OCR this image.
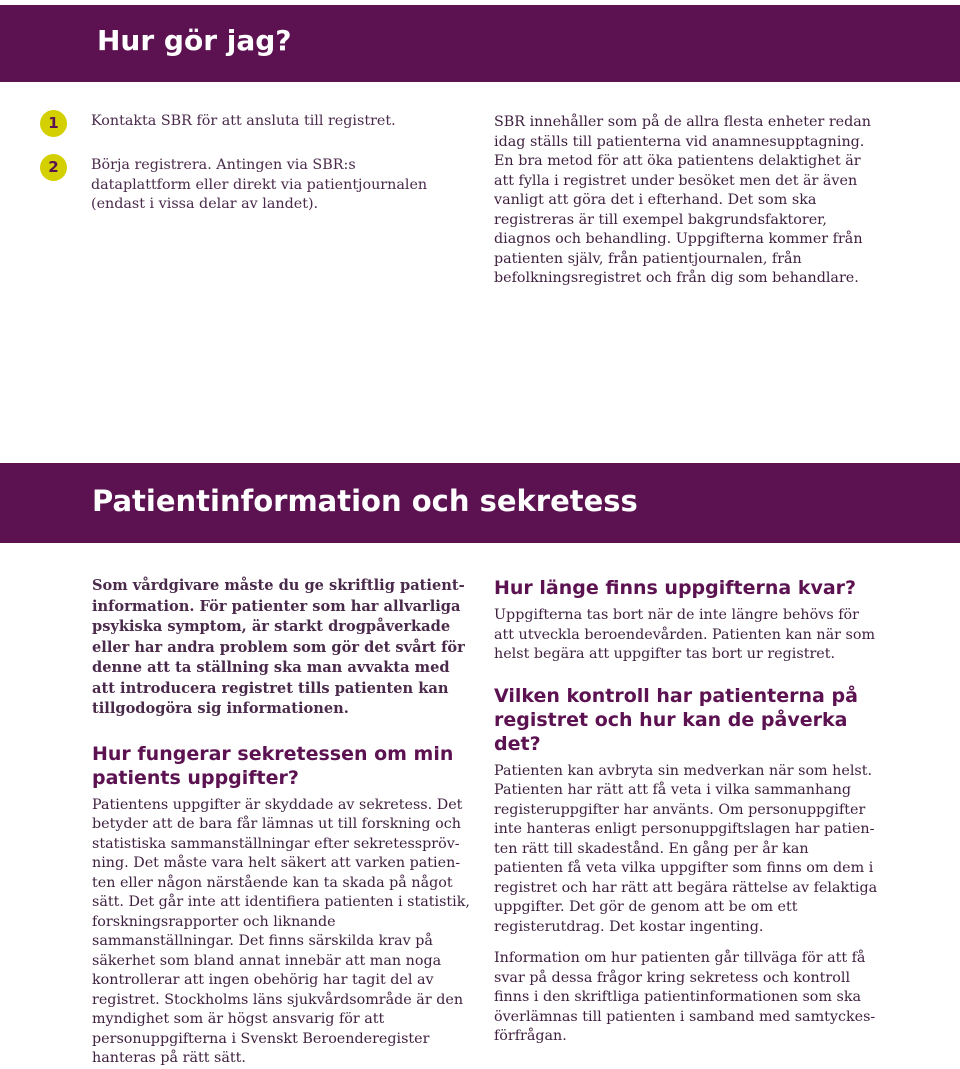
Hur gör jag?
1	Kontakta SBR för att ansluta till registret.
2	Börja registrera. Antingen via SBR:s dataplattform eller direkt via patientjournalen (endast i vissa delar av landet).

SBR innehåller som på de allra flesta enheter redan idag ställs till patienterna vid anamnesupptagning. En bra metod för att öka patientens delaktighet är att fylla i registret under besöket men det är även vanligt att göra det i efterhand. Det som ska registreras är till exempel bakgrundsfaktorer, diagnos och behandling. Uppgifterna kommer från patienten själv, från patientjournalen, från befolkningsregistret och från dig som behandlare.

Patientinformation och sekretess

Som vårdgivare måste du ge skriftlig patient-information. För patienter som har allvarliga psykiska symptom, är starkt drogpåverkade eller har andra problem som gör det svårt för denne att ta ställning ska man avvakta med att introducera registret tills patienten kan tillgodogöra sig informationen.

Hur fungerar sekretessen om min patients uppgifter?

Patientens uppgifter är skyddade av sekretess. Det betyder att de bara får lämnas ut till forskning och statistiska sammanställningar efter sekretesspröv-ning. Det måste vara helt säkert att varken patien-ten eller någon närstående kan ta skada på något sätt. Det går inte att identifiera patienten i statistik, forskningsrapporter och liknande sammanställningar. Det finns särskilda krav på säkerhet som bland annat innebär att man noga kontrollerar att ingen obehörig har tagit del av registret. Stockholms läns sjukvårdsområde är den myndighet som är högst ansvarig för att personuppgifterna i Svenskt Beroenderegister hanteras på rätt sätt.

Hur länge finns uppgifterna kvar?

Uppgifterna tas bort när de inte längre behövs för att utveckla beroendevården. Patienten kan när som helst begära att uppgifter tas bort ur registret.

Vilken kontroll har patienterna på registret och hur kan de påverka det?

Patienten kan avbryta sin medverkan när som helst. Patienten har rätt att få veta i vilka sammanhang registeruppgifter har använts. Om personuppgifter inte hanteras enligt personuppgiftslagen har patien-ten rätt till skadestånd. En gång per år kan patienten få veta vilka uppgifter som finns om dem i registret och har rätt att begära rättelse av felaktiga uppgifter. Det gör de genom att be om ett registerutdrag. Det kostar ingenting.

Information om hur patienten går tillväga för att få svar på dessa frågor kring sekretess och kontroll finns i den skriftliga patientinformationen som ska överlämnas till patienten i samband med samtyckes-förfrågan.
